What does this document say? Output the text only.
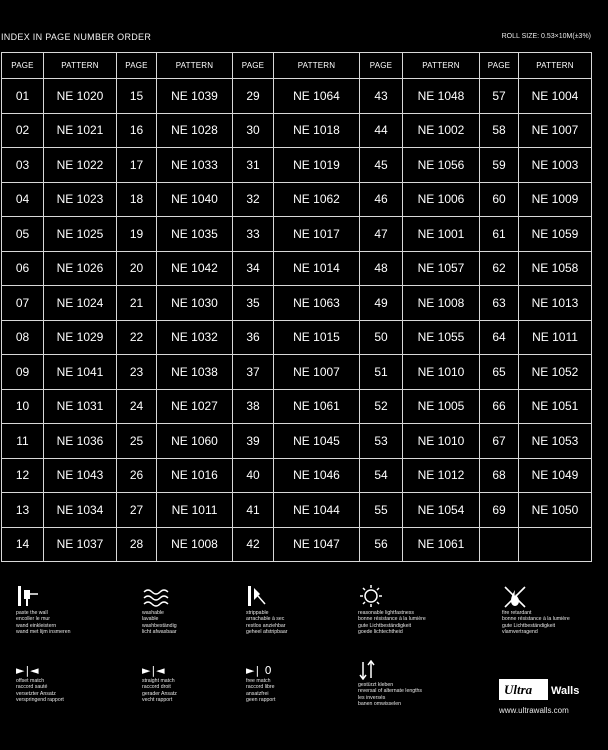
INDEX IN PAGE NUMBER ORDER	ROLL SIZE: 0.53×10M(±3%)
PAGE	PATTERN	PAGE	PATTERN	PAGE	PATTERN	PAGE	PATTERN	PAGE	PATTERN
01	NE 1020	15	NE 1039	29	NE 1064	43	NE 1048	57	NE 1004
02	NE 1021	16	NE 1028	30	NE 1018	44	NE 1002	58	NE 1007
03	NE 1022	17	NE 1033	31	NE 1019	45	NE 1056	59	NE 1003
04	NE 1023	18	NE 1040	32	NE 1062	46	NE 1006	60	NE 1009
05	NE 1025	19	NE 1035	33	NE 1017	47	NE 1001	61	NE 1059
06	NE 1026	20	NE 1042	34	NE 1014	48	NE 1057	62	NE 1058
07	NE 1024	21	NE 1030	35	NE 1063	49	NE 1008	63	NE 1013
08	NE 1029	22	NE 1032	36	NE 1015	50	NE 1055	64	NE 1011
09	NE 1041	23	NE 1038	37	NE 1007	51	NE 1010	65	NE 1052
10	NE 1031	24	NE 1027	38	NE 1061	52	NE 1005	66	NE 1051
11	NE 1036	25	NE 1060	39	NE 1045	53	NE 1010	67	NE 1053
12	NE 1043	26	NE 1016	40	NE 1046	54	NE 1012	68	NE 1049
13	NE 1034	27	NE 1011	41	NE 1044	55	NE 1054	69	NE 1050
14	NE 1037	28	NE 1008	42	NE 1047	56	NE 1061		
paste the wall
encoller le mur
wand einkleistern
wand met lijm insmeren
washable
lavable
washbeständig
licht afwasbaar
strippable
arrachable à sec
restlos anziehbar
geheel afstripbaar
reasonable lightfastness
bonne résistance à la lumière
gute Lichtbeständigkeit
goede lichtechtheid
fire retardant
bonne résistance à la lumière
gute Lichtbeständigkeit
vlamvertragend
►|◄
offset match
raccord sauté
versetzter Ansatz
verspringend rapport
►|◄
straight match
raccord droit
gerader Ansatz
vecht rapport
►| 0
free match
raccord libre
ansatzfrei
geen rapport
gestürzt kleben
reversal of alternate lengths
les inversés
banen omwisselen
Ultra Walls
www.ultrawalls.com
